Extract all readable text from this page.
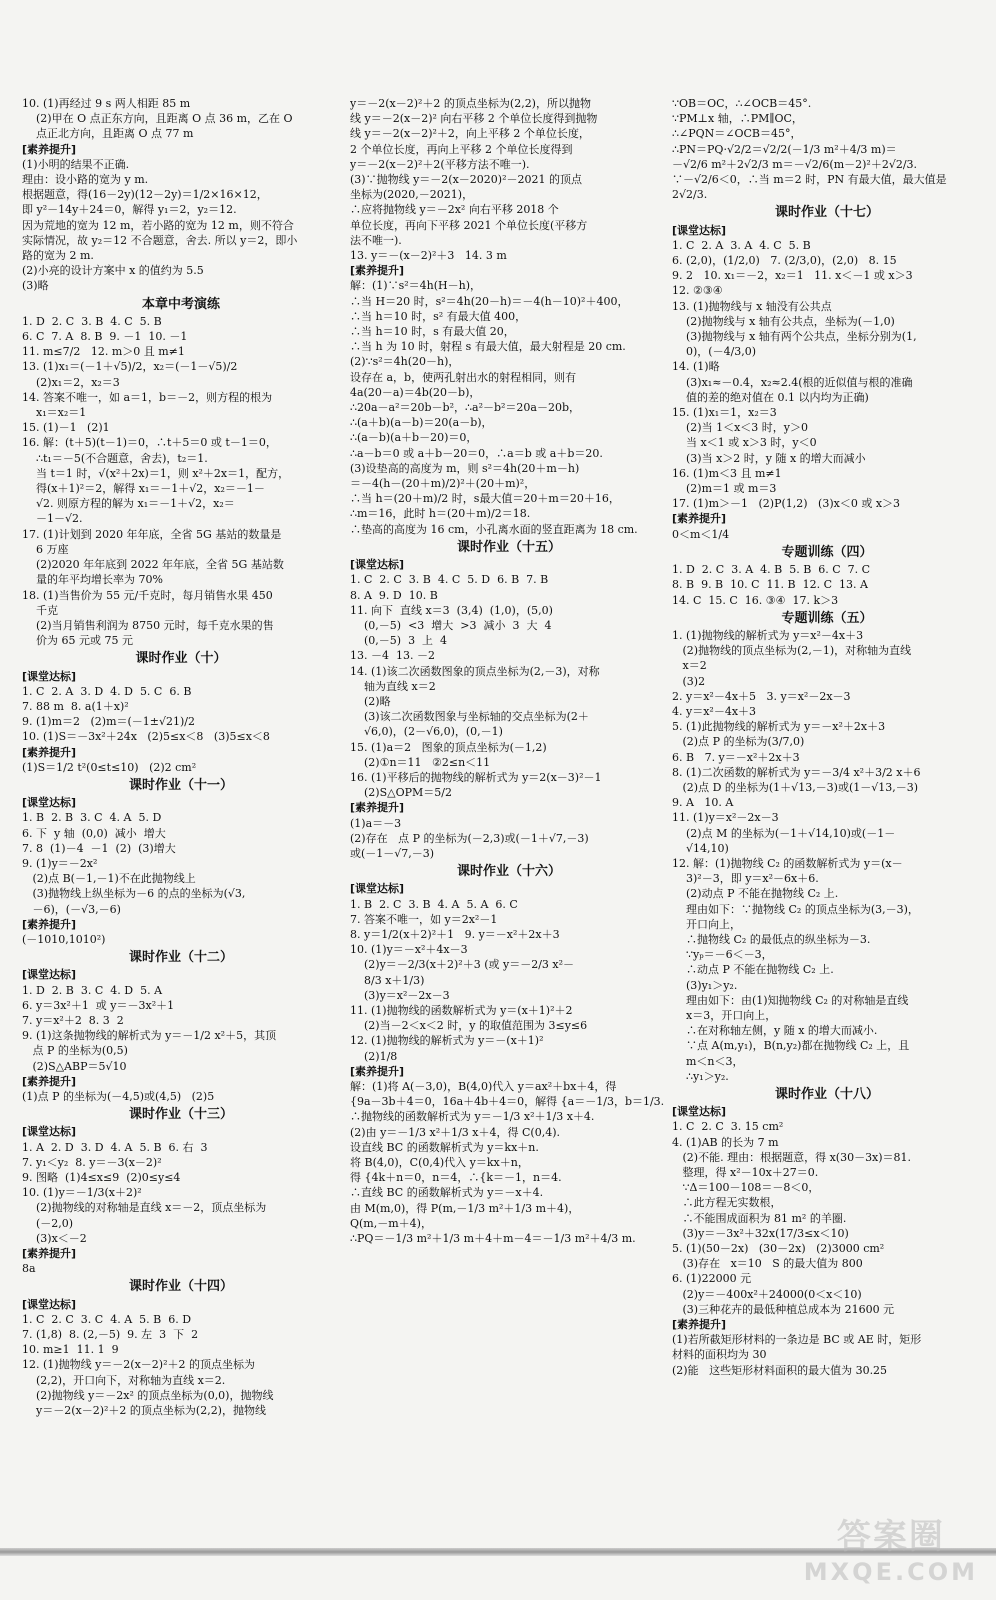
10. (1)再经过 9 s 两人相距 85 m
(2)甲在 O 点正东方向，且距离 O 点 36 m，乙在 O
点正北方向，且距离 O 点 77 m
[素养提升]
(1)小明的结果不正确.
理由：设小路的宽为 y m.
根据题意，得(16－2y)(12－2y)＝1/2×16×12，
即 y²－14y＋24＝0，解得 y₁＝2，y₂＝12.
因为荒地的宽为 12 m，若小路的宽为 12 m，则不符合
实际情况，故 y₂＝12 不合题意，舍去. 所以 y＝2，即小
路的宽为 2 m.
(2)小亮的设计方案中 x 的值约为 5.5
(3)略
本章中考演练
1. D  2. C  3. B  4. C  5. B
6. C  7. A  8. B  9. －1  10. －1
11. m≤7/2   12. m＞0 且 m≠1
13. (1)x₁＝(－1＋√5)/2，x₂＝(－1－√5)/2
(2)x₁＝2，x₂＝3
14. 答案不唯一，如 a＝1，b＝－2，则方程的根为
x₁＝x₂＝1
15. (1)－1   (2)1
16. 解：(t＋5)(t－1)＝0，∴t＋5＝0 或 t－1＝0，
∴t₁＝－5(不合题意，舍去)，t₂＝1.
当 t＝1 时，√(x²＋2x)＝1，则 x²＋2x＝1，配方，
得(x＋1)²＝2，解得 x₁＝－1＋√2，x₂＝－1－
√2. 则原方程的解为 x₁＝－1＋√2，x₂＝
－1－√2.
17. (1)计划到 2020 年年底，全省 5G 基站的数量是
6 万座
(2)2020 年年底到 2022 年年底，全省 5G 基站数
量的年平均增长率为 70%
18. (1)当售价为 55 元/千克时，每月销售水果 450
千克
(2)当月销售利润为 8750 元时，每千克水果的售
价为 65 元或 75 元
课时作业（十）
[课堂达标]
1. C  2. A  3. D  4. D  5. C  6. B
7. 88 m  8. a(1＋x)²
9. (1)m＝2   (2)m＝(－1±√21)/2
10. (1)S＝－3x²＋24x   (2)5≤x＜8   (3)5≤x＜8
[素养提升]
(1)S＝1/2 t²(0≤t≤10)   (2)2 cm²
课时作业（十一）
[课堂达标]
1. B  2. B  3. C  4. A  5. D
6. 下  y 轴  (0,0)  减小  增大
7. 8  (1)－4  －1  (2)  (3)增大
9. (1)y＝－2x²
(2)点 B(－1,－1)不在此抛物线上
(3)抛物线上纵坐标为－6 的点的坐标为(√3,
－6)，(－√3,－6)
[素养提升]
(－1010,1010²)
课时作业（十二）
[课堂达标]
1. D  2. B  3. C  4. D  5. A
6. y＝3x²＋1  或 y＝－3x²＋1
7. y＝x²＋2  8. 3  2
9. (1)这条抛物线的解析式为 y＝－1/2 x²＋5，其顶
点 P 的坐标为(0,5)
(2)S△ABP＝5√10
[素养提升]
(1)点 P 的坐标为(－4,5)或(4,5)   (2)5
课时作业（十三）
[课堂达标]
1. A  2. D  3. D  4. A  5. B  6. 右  3
7. y₁＜y₂  8. y＝－3(x－2)²
9. 图略  (1)4≤x≤9  (2)0≤y≤4
10. (1)y＝－1/3(x＋2)²
(2)抛物线的对称轴是直线 x＝－2，顶点坐标为
(－2,0)
(3)x＜－2
[素养提升]
8a
课时作业（十四）
[课堂达标]
1. C  2. C  3. C  4. A  5. B  6. D
7. (1,8)  8. (2,－5)  9. 左  3  下  2
10. m≥1  11. 1  9
12. (1)抛物线 y＝－2(x－2)²＋2 的顶点坐标为
(2,2)，开口向下，对称轴为直线 x＝2.
(2)抛物线 y＝－2x² 的顶点坐标为(0,0)，抛物线
y＝－2(x－2)²＋2 的顶点坐标为(2,2)，抛物线
y＝－2(x－2)²＋2 的顶点坐标为(2,2)，所以抛物
线 y＝－2(x－2)² 向右平移 2 个单位长度得到抛物
线 y＝－2(x－2)²＋2，向上平移 2 个单位长度，
2 个单位长度，再向上平移 2 个单位长度得到
y＝－2(x－2)²＋2(平移方法不唯一).
(3)∵抛物线 y＝－2(x－2020)²－2021 的顶点
坐标为(2020,－2021)，
∴应将抛物线 y＝－2x² 向右平移 2018 个
单位长度，再向下平移 2021 个单位长度(平移方
法不唯一).
13. y＝－(x－2)²＋3   14. 3 m
[素养提升]
解：(1)∵s²＝4h(H－h)，
∴当 H＝20 时，s²＝4h(20－h)＝－4(h－10)²＋400，
∴当 h＝10 时，s² 有最大值 400，
∴当 h＝10 时，s 有最大值 20，
∴当 h 为 10 时，射程 s 有最大值，最大射程是 20 cm.
(2)∵s²＝4h(20－h)，
设存在 a，b，使两孔射出水的射程相同，则有
4a(20－a)＝4b(20－b)，
∴20a－a²＝20b－b²，∴a²－b²＝20a－20b，
∴(a＋b)(a－b)＝20(a－b)，
∴(a－b)(a＋b－20)＝0，
∴a－b＝0 或 a＋b－20＝0，∴a＝b 或 a＋b＝20.
(3)设垫高的高度为 m，则 s²＝4h(20＋m－h)
＝－4(h－(20＋m)/2)²＋(20＋m)²，
∴当 h＝(20＋m)/2 时，s最大值＝20＋m＝20＋16，
∴m＝16，此时 h＝(20＋m)/2＝18.
∴垫高的高度为 16 cm，小孔离水面的竖直距离为 18 cm.
课时作业（十五）
[课堂达标]
1. C  2. C  3. B  4. C  5. D  6. B  7. B
8. A  9. D  10. B
11. 向下  直线 x＝3  (3,4)  (1,0)，(5,0)
(0,－5)  <3  增大  >3  减小  3  大  4
(0,－5)  3  上  4
13. －4  13. －2
14. (1)该二次函数图象的顶点坐标为(2,－3)，对称
轴为直线 x＝2
(2)略
(3)该二次函数图象与坐标轴的交点坐标为(2＋
√6,0)，(2－√6,0)，(0,－1)
15. (1)a＝2   图象的顶点坐标为(－1,2)
(2)①n＝11   ②2≤n＜11
16. (1)平移后的抛物线的解析式为 y＝2(x－3)²－1
(2)S△OPM＝5/2
[素养提升]
(1)a＝－3
(2)存在   点 P 的坐标为(－2,3)或(－1＋√7,－3)
或(－1－√7,－3)
课时作业（十六）
[课堂达标]
1. B  2. C  3. B  4. A  5. A  6. C
7. 答案不唯一，如 y＝2x²－1
8. y＝1/2(x＋2)²＋1   9. y＝－x²＋2x＋3
10. (1)y＝－x²＋4x－3
(2)y＝－2/3(x＋2)²＋3 (或 y＝－2/3 x²－
8/3 x＋1/3)
(3)y＝x²－2x－3
11. (1)抛物线的函数解析式为 y＝(x＋1)²＋2
(2)当－2＜x＜2 时，y 的取值范围为 3≤y≤6
12. (1)抛物线的解析式为 y＝－(x＋1)²
(2)1/8
[素养提升]
解：(1)将 A(－3,0)，B(4,0)代入 y＝ax²＋bx＋4，得
{9a－3b＋4＝0，16a＋4b＋4＝0，解得 {a＝－1/3，b＝1/3.
∴抛物线的函数解析式为 y＝－1/3 x²＋1/3 x＋4.
(2)由 y＝－1/3 x²＋1/3 x＋4，得 C(0,4).
设直线 BC 的函数解析式为 y＝kx＋n.
将 B(4,0)，C(0,4)代入 y＝kx＋n，
得 {4k＋n＝0，n＝4，∴{k＝－1，n＝4.
∴直线 BC 的函数解析式为 y＝－x＋4.
由 M(m,0)，得 P(m,－1/3 m²＋1/3 m＋4)，
Q(m,－m＋4)，
∴PQ＝－1/3 m²＋1/3 m＋4＋m－4＝－1/3 m²＋4/3 m.
∵OB＝OC，∴∠OCB＝45°.
∵PM⊥x 轴，∴PM∥OC，
∴∠PQN＝∠OCB＝45°，
∴PN＝PQ·√2/2＝√2/2(－1/3 m²＋4/3 m)＝
－√2/6 m²＋2√2/3 m＝－√2/6(m－2)²＋2√2/3.
∵－√2/6＜0，∴当 m＝2 时，PN 有最大值，最大值是 2√2/3.
课时作业（十七）
[课堂达标]
1. C  2. A  3. A  4. C  5. B
6. (2,0)，(1/2,0)   7. (2/3,0)，(2,0)   8. 15
9. 2   10. x₁＝－2，x₂＝1   11. x＜－1 或 x＞3
12. ②③④
13. (1)抛物线与 x 轴没有公共点
(2)抛物线与 x 轴有公共点，坐标为(－1,0)
(3)抛物线与 x 轴有两个公共点，坐标分别为(1,
0)，(－4/3,0)
14. (1)略
(3)x₁≈－0.4，x₂≈2.4(根的近似值与根的准确
值的差的绝对值在 0.1 以内均为正确)
15. (1)x₁＝1，x₂＝3
(2)当 1＜x＜3 时，y＞0
当 x＜1 或 x＞3 时，y＜0
(3)当 x＞2 时，y 随 x 的增大而减小
16. (1)m＜3 且 m≠1
(2)m＝1 或 m＝3
17. (1)m＞－1   (2)P(1,2)   (3)x＜0 或 x＞3
[素养提升]
0＜m＜1/4
专题训练（四）
1. D  2. C  3. A  4. B  5. B  6. C  7. C
8. B  9. B  10. C  11. B  12. C  13. A
14. C  15. C  16. ③④  17. k＞3
专题训练（五）
1. (1)抛物线的解析式为 y＝x²－4x＋3
(2)抛物线的顶点坐标为(2,－1)，对称轴为直线
x＝2
(3)2
2. y＝x²－4x＋5   3. y＝x²－2x－3
4. y＝x²－4x＋3
5. (1)此抛物线的解析式为 y＝－x²＋2x＋3
(2)点 P 的坐标为(3/7,0)
6. B   7. y＝－x²＋2x＋3
8. (1)二次函数的解析式为 y＝－3/4 x²＋3/2 x＋6
(2)点 D 的坐标为(1＋√13,－3)或(1－√13,－3)
9. A   10. A
11. (1)y＝x²－2x－3
(2)点 M 的坐标为(－1＋√14,10)或(－1－
√14,10)
12. 解：(1)抛物线 C₂ 的函数解析式为 y＝(x－
3)²－3，即 y＝x²－6x＋6.
(2)动点 P 不能在抛物线 C₂ 上.
理由如下：∵抛物线 C₂ 的顶点坐标为(3,－3)，
开口向上，
∴抛物线 C₂ 的最低点的纵坐标为－3.
∵yₚ＝－6＜－3，
∴动点 P 不能在抛物线 C₂ 上.
(3)y₁＞y₂.
理由如下：由(1)知抛物线 C₂ 的对称轴是直线
x＝3，开口向上，
∴在对称轴左侧，y 随 x 的增大而减小.
∵点 A(m,y₁)，B(n,y₂)都在抛物线 C₂ 上，且
m＜n＜3，
∴y₁＞y₂.
课时作业（十八）
[课堂达标]
1. C  2. C  3. 15 cm²
4. (1)AB 的长为 7 m
(2)不能. 理由：根据题意，得 x(30－3x)＝81.
整理，得 x²－10x＋27＝0.
∵Δ＝100－108＝－8＜0，
∴此方程无实数根，
∴不能围成面积为 81 m² 的羊圈.
(3)y＝－3x²＋32x(17/3≤x＜10)
5. (1)(50－2x)   (30－2x)   (2)3000 cm²
(3)存在   x＝10   S 的最大值为 800
6. (1)22000 元
(2)y＝－400x²＋24000(0＜x＜10)
(3)三种花卉的最低种植总成本为 21600 元
[素养提升]
(1)若所截矩形材料的一条边是 BC 或 AE 时，矩形
材料的面积均为 30
(2)能   这些矩形材料面积的最大值为 30.25
答案圈
MXQE.COM
